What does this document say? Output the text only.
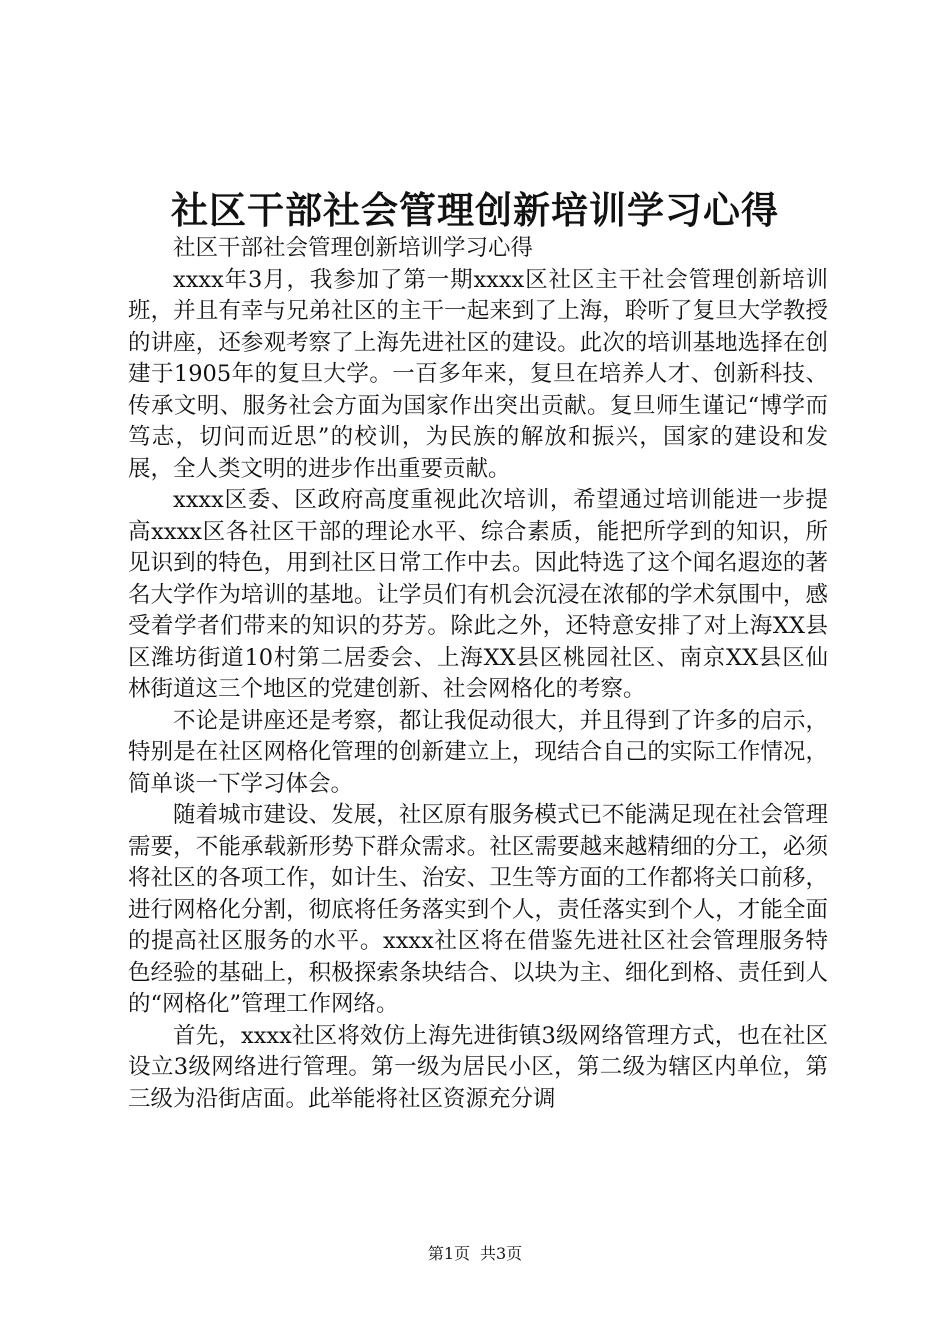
社区干部社会管理创新培训学习心得

社区干部社会管理创新培训学习心得

xxxx年3月，我参加了第一期xxxx区社区主干社会管理创新培训班，并且有幸与兄弟社区的主干一起来到了上海，聆听了复旦大学教授的讲座，还参观考察了上海先进社区的建设。此次的培训基地选择在创建于1905年的复旦大学。一百多年来，复旦在培养人才、创新科技、传承文明、服务社会方面为国家作出突出贡献。复旦师生谨记“博学而笃志，切问而近思”的校训，为民族的解放和振兴，国家的建设和发展，全人类文明的进步作出重要贡献。

xxxx区委、区政府高度重视此次培训，希望通过培训能进一步提高xxxx区各社区干部的理论水平、综合素质，能把所学到的知识，所见识到的特色，用到社区日常工作中去。因此特选了这个闻名遐迩的著名大学作为培训的基地。让学员们有机会沉浸在浓郁的学术氛围中，感受着学者们带来的知识的芬芳。除此之外，还特意安排了对上海XX县区潍坊街道10村第二居委会、上海XX县区桃园社区、南京XX县区仙林街道这三个地区的党建创新、社会网格化的考察。

不论是讲座还是考察，都让我促动很大，并且得到了许多的启示，特别是在社区网格化管理的创新建立上，现结合自己的实际工作情况，简单谈一下学习体会。

随着城市建设、发展，社区原有服务模式已不能满足现在社会管理需要，不能承载新形势下群众需求。社区需要越来越精细的分工，必须将社区的各项工作，如计生、治安、卫生等方面的工作都将关口前移，进行网格化分割，彻底将任务落实到个人，责任落实到个人，才能全面的提高社区服务的水平。xxxx社区将在借鉴先进社区社会管理服务特色经验的基础上，积极探索条块结合、以块为主、细化到格、责任到人的“网格化”管理工作网络。

首先，xxxx社区将效仿上海先进街镇3级网络管理方式，也在社区设立3级网络进行管理。第一级为居民小区，第二级为辖区内单位，第三级为沿街店面。此举能将社区资源充分调

第1页 共3页
